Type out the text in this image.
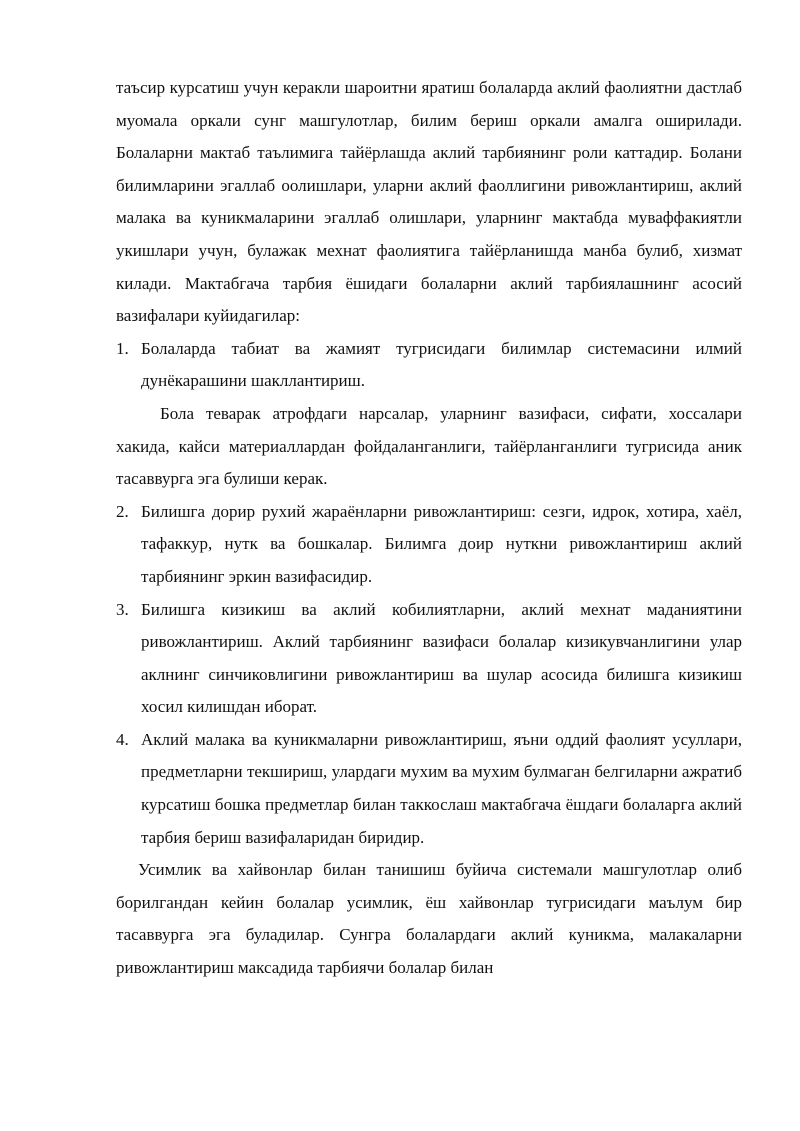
таъсир курсатиш учун керакли шароитни яратиш болаларда аклий фаолиятни дастлаб муомала оркали сунг машгулотлар, билим бериш оркали амалга оширилади. Болаларни мактаб таълимига тайёрлашда аклий тарбиянинг роли каттадир. Болани билимларини эгаллаб оолишлари, уларни аклий фаоллигини ривожлантириш, аклий малака ва куникмаларини эгаллаб олишлари, уларнинг мактабда муваффакиятли укишлари учун, булажак мехнат фаолиятига тайёрланишда манба булиб, хизмат килади. Мактабгача тарбия ёшидаги болаларни аклий тарбиялашнинг асосий вазифалари куйидагилар:

1. Болаларда табиат ва жамият тугрисидаги билимлар системасини илмий дунёкарашини шакллантириш.

Бола теварак атрофдаги нарсалар, уларнинг вазифаси, сифати, хоссалари хакида, кайси материаллардан фойдаланганлиги, тайёрланганлиги тугрисида аник тасаввурга эга булиши керак.

2. Билишга дорир рухий жараёнларни ривожлантириш: сезги, идрок, хотира, хаёл, тафаккур, нутк ва бошкалар. Билимга доир нуткни ривожлантириш аклий тарбиянинг эркин вазифасидир.

3. Билишга кизикиш ва аклий кобилиятларни, аклий мехнат маданиятини ривожлантириш. Аклий тарбиянинг вазифаси болалар кизикувчанлигини улар аклнинг синчиковлигини ривожлантириш ва шулар асосида билишга кизикиш хосил килишдан иборат.

4. Аклий малака ва куникмаларни ривожлантириш, яъни оддий фаолият усуллари, предметларни текшириш, улардаги мухим ва мухим булмаган белгиларни ажратиб курсатиш бошка предметлар билан таккослаш мактабгача ёшдаги болаларга аклий тарбия бериш вазифаларидан биридир.

Усимлик ва хайвонлар билан танишиш буйича системали машгулотлар олиб борилгандан кейин болалар усимлик, ёш хайвонлар тугрисидаги маълум бир тасаввурга эга буладилар. Сунгра болалардаги аклий куникма, малакаларни ривожлантириш максадида тарбиячи болалар билан
